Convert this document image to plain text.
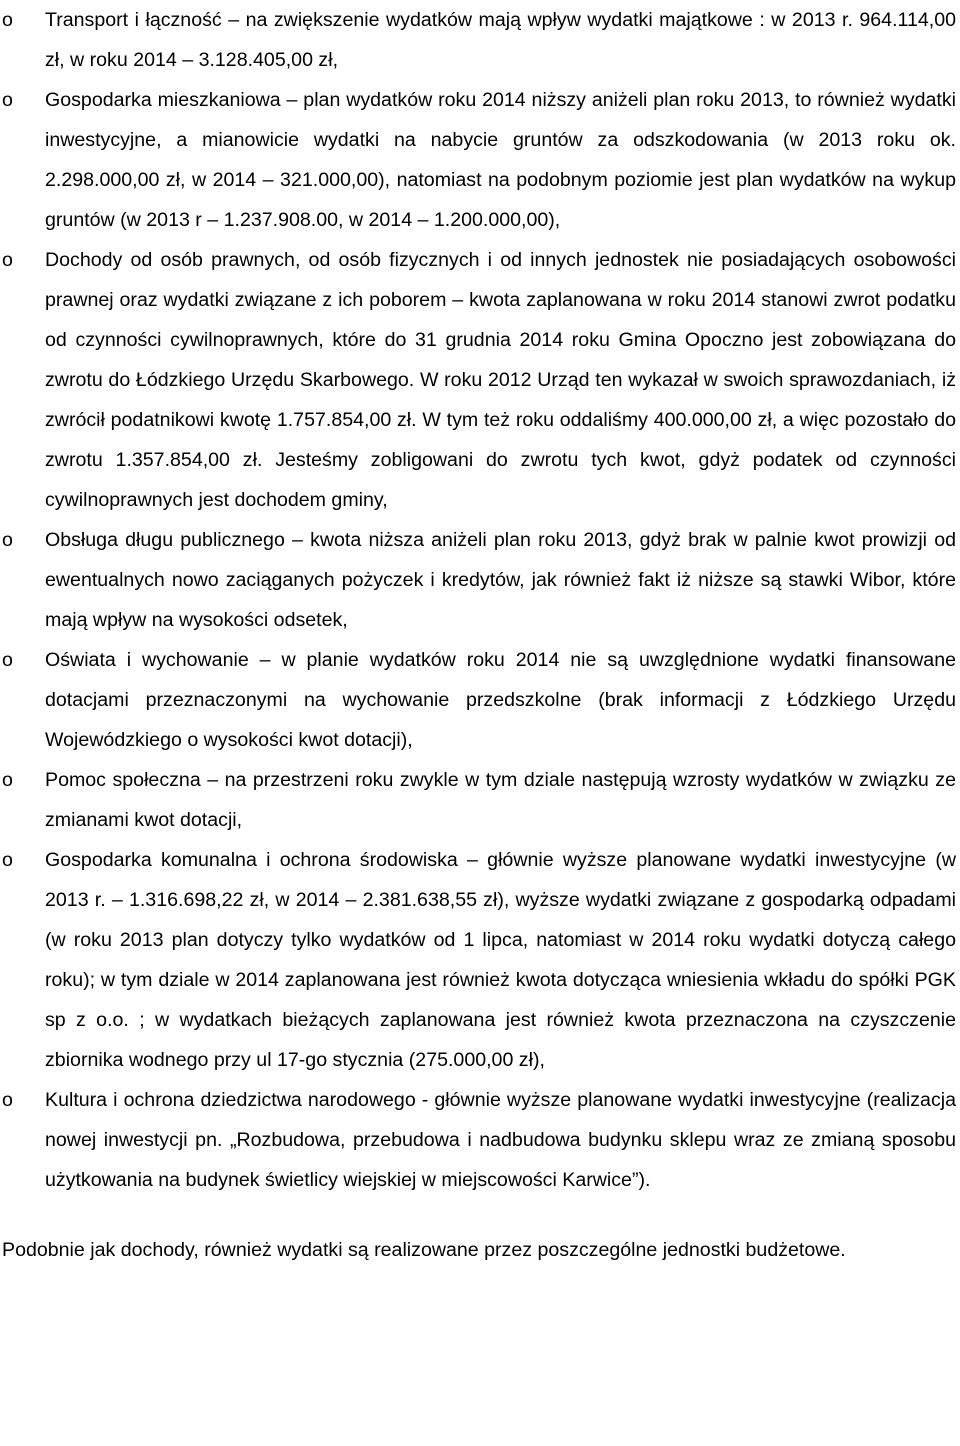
o Transport i łączność – na zwiększenie wydatków mają wpływ wydatki majątkowe : w 2013 r. 964.114,00 zł, w roku 2014 – 3.128.405,00 zł,
o Gospodarka mieszkaniowa – plan wydatków roku 2014 niższy aniżeli plan roku 2013, to również wydatki inwestycyjne, a mianowicie wydatki na nabycie gruntów za odszkodowania (w 2013 roku ok. 2.298.000,00 zł, w 2014 – 321.000,00), natomiast na podobnym poziomie jest plan wydatków na wykup gruntów (w 2013 r – 1.237.908.00, w 2014 – 1.200.000,00),
o Dochody od osób prawnych, od osób fizycznych i od innych jednostek nie posiadających osobowości prawnej oraz wydatki związane z ich poborem – kwota zaplanowana w roku 2014 stanowi zwrot podatku od czynności cywilnoprawnych, które do 31 grudnia 2014 roku Gmina Opoczno jest zobowiązana do zwrotu do Łódzkiego Urzędu Skarbowego. W roku 2012 Urząd ten wykazał w swoich sprawozdaniach, iż zwrócił podatnikowi kwotę 1.757.854,00 zł. W tym też roku oddaliśmy 400.000,00 zł, a więc pozostało do zwrotu 1.357.854,00 zł. Jesteśmy zobligowani do zwrotu tych kwot, gdyż podatek od czynności cywilnoprawnych jest dochodem gminy,
o Obsługa długu publicznego – kwota niższa aniżeli plan roku 2013, gdyż brak w palnie kwot prowizji od ewentualnych nowo zaciąganych pożyczek i kredytów, jak również fakt iż niższe są stawki Wibor, które mają wpływ na wysokości odsetek,
o Oświata i wychowanie – w planie wydatków roku 2014 nie są uwzględnione wydatki finansowane dotacjami przeznaczonymi na wychowanie przedszkolne (brak informacji z Łódzkiego Urzędu Wojewódzkiego o wysokości kwot dotacji),
o Pomoc społeczna – na przestrzeni roku zwykle w tym dziale następują wzrosty wydatków w związku ze zmianami kwot dotacji,
o Gospodarka komunalna i ochrona środowiska – głównie wyższe planowane wydatki inwestycyjne (w 2013 r. – 1.316.698,22 zł, w 2014 – 2.381.638,55 zł), wyższe wydatki związane z gospodarką odpadami (w roku 2013 plan dotyczy tylko wydatków od 1 lipca, natomiast w 2014 roku wydatki dotyczą całego roku); w tym dziale w 2014 zaplanowana jest również kwota dotycząca wniesienia wkładu do spółki PGK sp z o.o. ; w wydatkach bieżących zaplanowana jest również kwota przeznaczona na czyszczenie zbiornika wodnego przy ul 17-go stycznia (275.000,00 zł),
o Kultura i ochrona dziedzictwa narodowego - głównie wyższe planowane wydatki inwestycyjne (realizacja nowej inwestycji pn. „Rozbudowa, przebudowa i nadbudowa budynku sklepu wraz ze zmianą sposobu użytkowania na budynek świetlicy wiejskiej w miejscowości Karwice”).

Podobnie jak dochody, również wydatki są realizowane przez poszczególne jednostki budżetowe.
